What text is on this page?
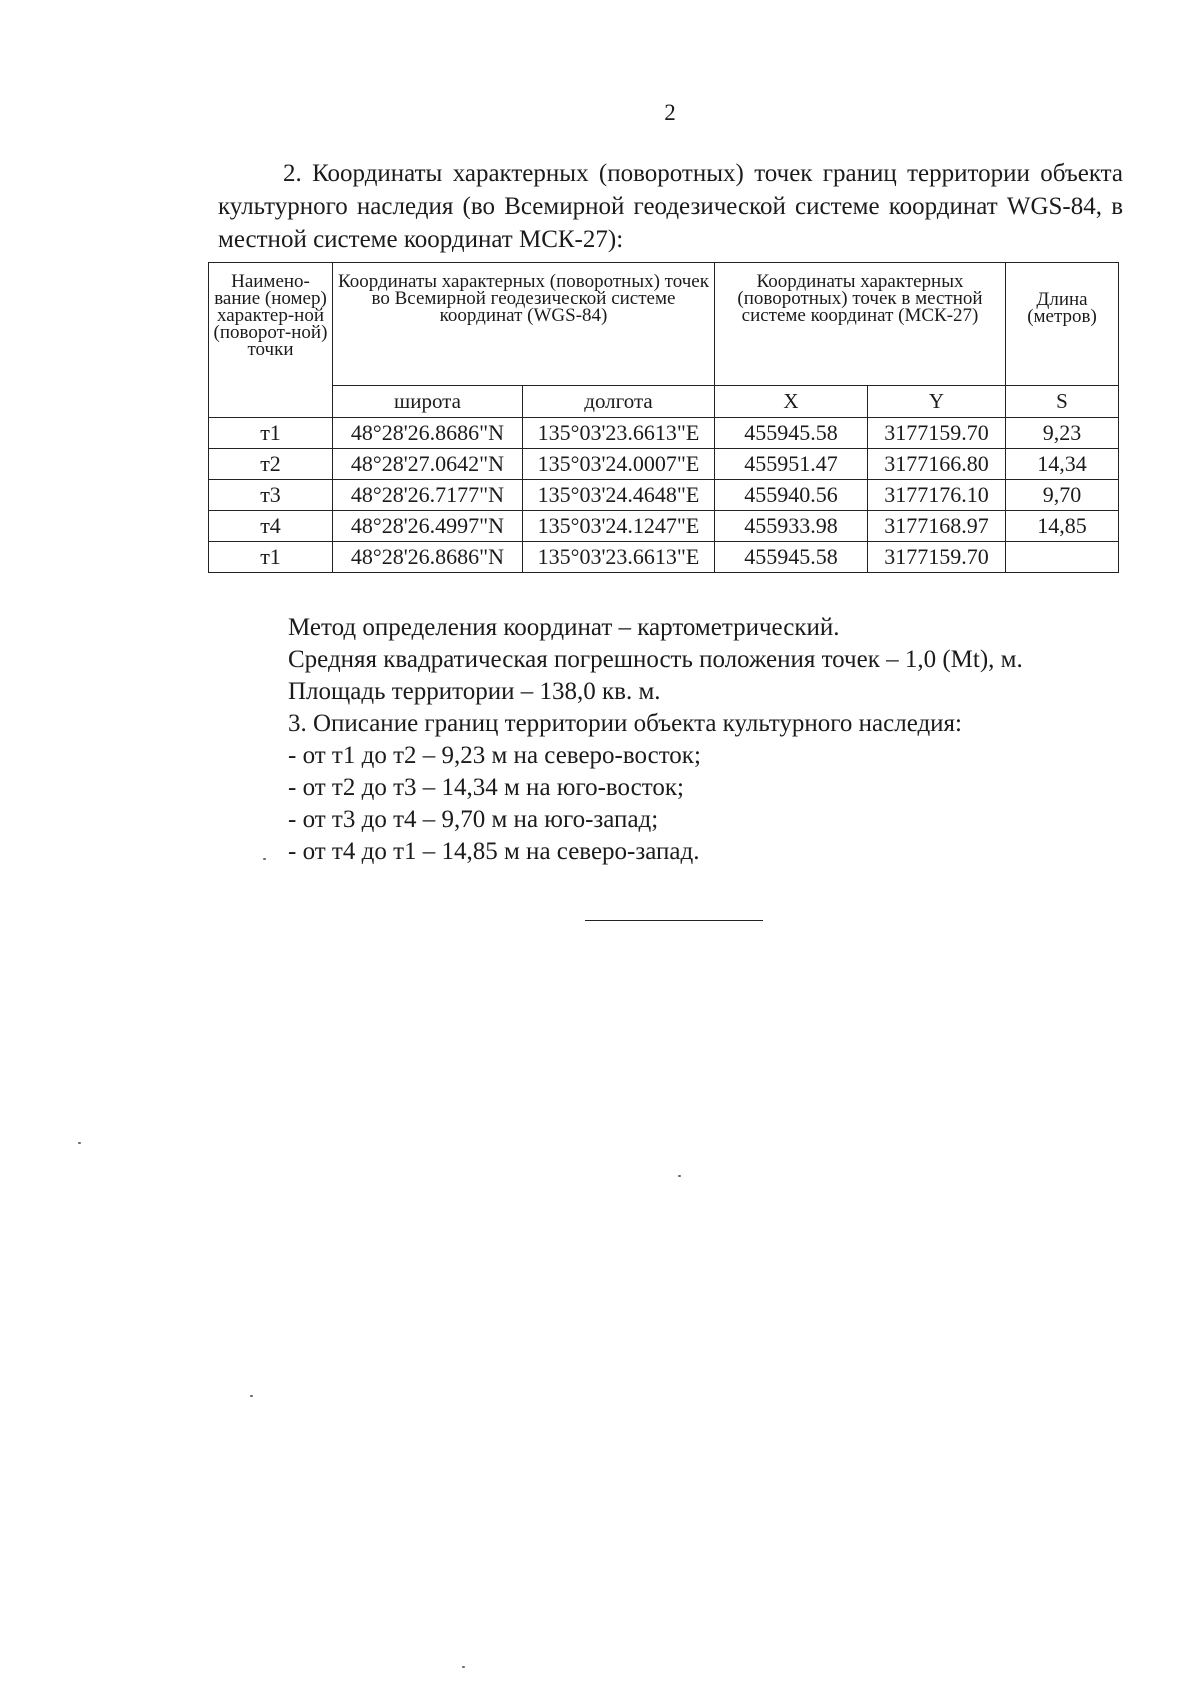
2

2. Координаты характерных (поворотных) точек границ территории объекта культурного наследия (во Всемирной геодезической системе координат WGS-84, в местной системе координат МСК-27):

Наимено-вание (номер) характер-ной (поворот-ной) точки	Координаты характерных (поворотных) точек во Всемирной геодезической системе координат (WGS-84)		Координаты характерных (поворотных) точек в местной системе координат (МСК-27)		Длина (метров)
	широта	долгота	X	Y	S
т1	48°28'26.8686"N	135°03'23.6613"E	455945.58	3177159.70	9,23
т2	48°28'27.0642"N	135°03'24.0007"E	455951.47	3177166.80	14,34
т3	48°28'26.7177"N	135°03'24.4648"E	455940.56	3177176.10	9,70
т4	48°28'26.4997"N	135°03'24.1247"E	455933.98	3177168.97	14,85
т1	48°28'26.8686"N	135°03'23.6613"E	455945.58	3177159.70	

Метод определения координат – картометрический.

Средняя квадратическая погрешность положения точек – 1,0 (Mt), м.

Площадь территории – 138,0 кв. м.

3. Описание границ территории объекта культурного наследия:

- от т1 до т2 – 9,23 м на северо-восток;

- от т2 до т3 – 14,34 м на юго-восток;

- от т3 до т4 – 9,70 м на юго-запад;

- от т4 до т1 – 14,85 м на северо-запад.
